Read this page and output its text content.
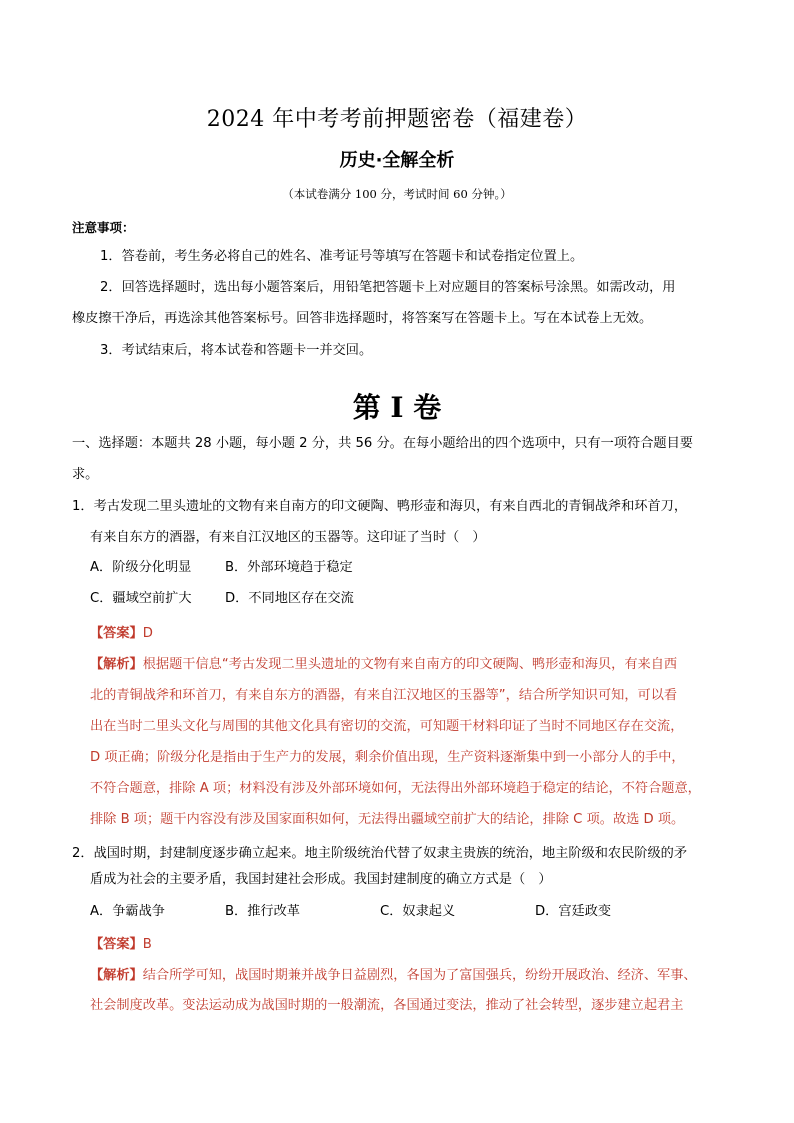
2024 年中考考前押题密卷（福建卷）
历史·全解全析
（本试卷满分 100 分，考试时间 60 分钟。）
注意事项：
1．答卷前，考生务必将自己的姓名、准考证号等填写在答题卡和试卷指定位置上。
2．回答选择题时，选出每小题答案后，用铅笔把答题卡上对应题目的答案标号涂黑。如需改动，用
橡皮擦干净后，再选涂其他答案标号。回答非选择题时，将答案写在答题卡上。写在本试卷上无效。
3．考试结束后，将本试卷和答题卡一并交回。
第 I 卷
一、选择题：本题共 28 小题，每小题 2 分，共 56 分。在每小题给出的四个选项中，只有一项符合题目要
求。
1．考古发现二里头遗址的文物有来自南方的印文硬陶、鸭形壶和海贝，有来自西北的青铜战斧和环首刀，
有来自东方的酒器，有来自江汉地区的玉器等。这印证了当时（　）
A．阶级分化明显	B．外部环境趋于稳定
C．疆域空前扩大	D．不同地区存在交流
【答案】D
【解析】根据题干信息“考古发现二里头遗址的文物有来自南方的印文硬陶、鸭形壶和海贝，有来自西
北的青铜战斧和环首刀，有来自东方的酒器，有来自江汉地区的玉器等”，结合所学知识可知，可以看
出在当时二里头文化与周围的其他文化具有密切的交流，可知题干材料印证了当时不同地区存在交流，
D 项正确；阶级分化是指由于生产力的发展，剩余价值出现，生产资料逐渐集中到一小部分人的手中，
不符合题意，排除 A 项；材料没有涉及外部环境如何，无法得出外部环境趋于稳定的结论，不符合题意，
排除 B 项；题干内容没有涉及国家面积如何，无法得出疆域空前扩大的结论，排除 C 项。故选 D 项。
2．战国时期，封建制度逐步确立起来。地主阶级统治代替了奴隶主贵族的统治，地主阶级和农民阶级的矛
盾成为社会的主要矛盾，我国封建社会形成。我国封建制度的确立方式是（　）
A．争霸战争	B．推行改革	C．奴隶起义	D．宫廷政变
【答案】B
【解析】结合所学可知，战国时期兼并战争日益剧烈，各国为了富国强兵，纷纷开展政治、经济、军事、
社会制度改革。变法运动成为战国时期的一般潮流，各国通过变法，推动了社会转型，逐步建立起君主
